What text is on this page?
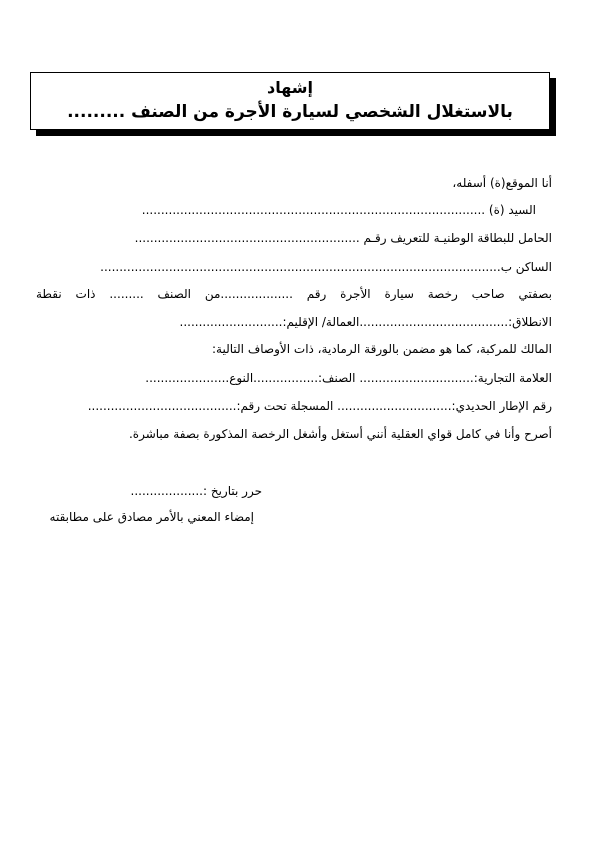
إشهاد
بالاستغلال الشخصي لسيارة الأجرة من الصنف .........
أنا الموقع(ة) أسفله،
السيد (ة) ..........................................................................................
الحامل للبطاقة الوطنيـة للتعريف رقـم ...........................................................
الساكن ب.........................................................................................................
بصفتي صاحب رخصة سيارة الأجرة رقم ...................من الصنف ......... ذات نقطة
الانطلاق:.......................................العمالة/ الإقليم:...........................
المالك للمركبة، كما هو مضمن بالورقة الرمادية، ذات الأوصاف التالية:
العلامة التجارية:.............................. الصنف:.................النوع......................
رقم الإطار الحديدي:.............................. المسجلة تحت رقم:.......................................
أصرح وأنا في كامل قواي العقلية أنني أستغل وأشغل الرخصة المذكورة بصفة مباشرة.
حرر بتاريخ :...................
إمضاء المعني بالأمر مصادق على مطابقته
